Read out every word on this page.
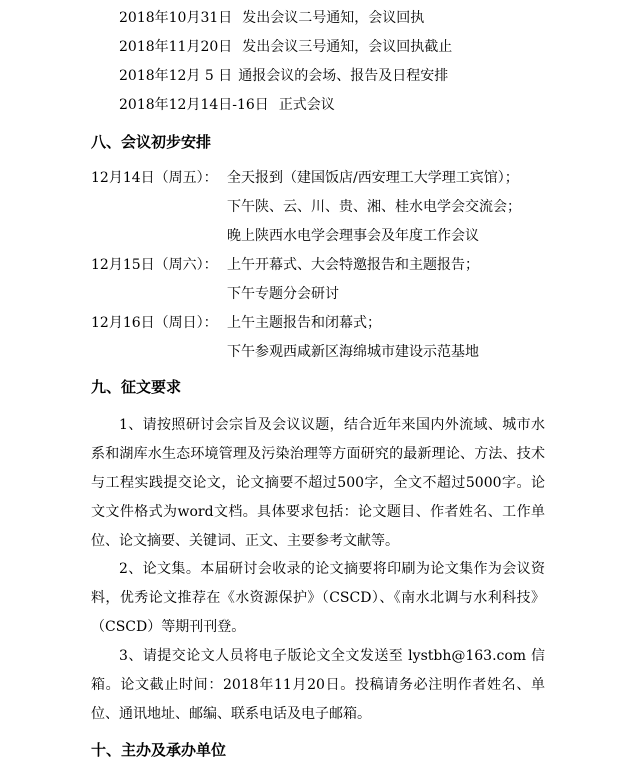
2018年10月31日 发出会议二号通知，会议回执
2018年11月20日 发出会议三号通知，会议回执截止
2018年12月 5 日 通报会议的会场、报告及日程安排
2018年12月14日-16日 正式会议
八、会议初步安排
12月14日（周五）： 全天报到（建国饭店/西安理工大学理工宾馆）；
下午陕、云、川、贵、湘、桂水电学会交流会；
晚上陕西水电学会理事会及年度工作会议
12月15日（周六）： 上午开幕式、大会特邀报告和主题报告；
下午专题分会研讨
12月16日（周日）： 上午主题报告和闭幕式；
下午参观西咸新区海绵城市建设示范基地
九、征文要求
1、请按照研讨会宗旨及会议议题，结合近年来国内外流域、城市水系和湖库水生态环境管理及污染治理等方面研究的最新理论、方法、技术与工程实践提交论文，论文摘要不超过500字，全文不超过5000字。论文文件格式为word文档。具体要求包括：论文题目、作者姓名、工作单位、论文摘要、关键词、正文、主要参考文献等。
2、论文集。本届研讨会收录的论文摘要将印刷为论文集作为会议资料，优秀论文推荐在《水资源保护》（CSCD）、《南水北调与水利科技》（CSCD）等期刊刊登。
3、请提交论文人员将电子版论文全文发送至 lystbh@163.com 信箱。论文截止时间：2018年11月20日。投稿请务必注明作者姓名、单位、通讯地址、邮编、联系电话及电子邮箱。
十、主办及承办单位
